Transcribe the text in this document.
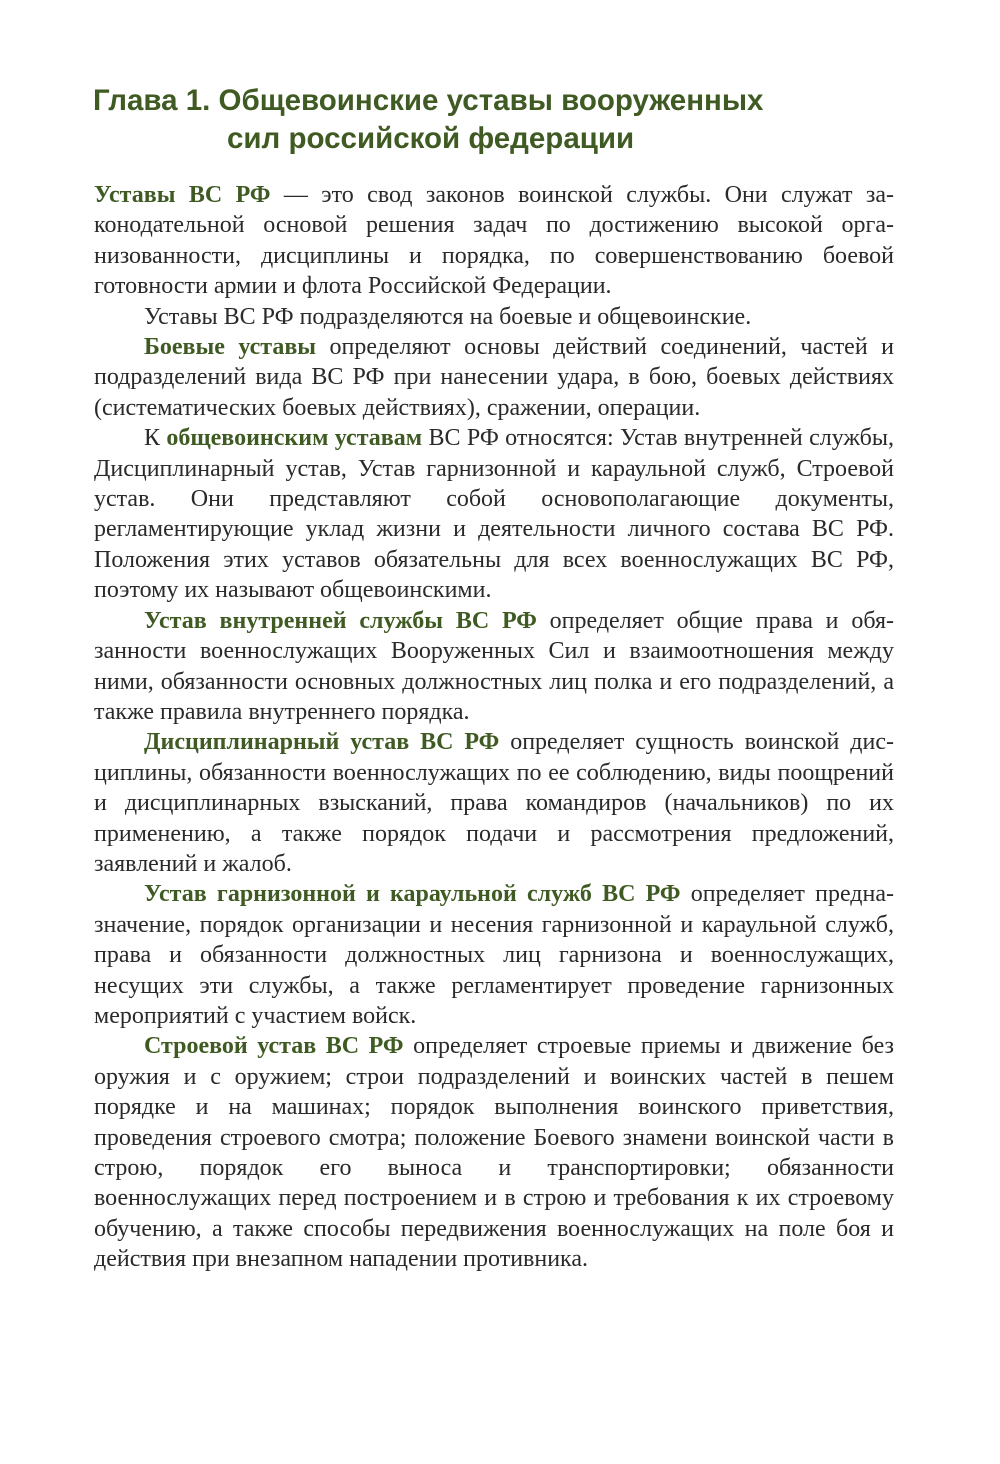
Глава 1. Общевоинские уставы вооруженных
сил российской федерации

Уставы ВС РФ — это свод законов воинской службы. Они служат законодательной основой решения задач по достижению высокой организованности, дисциплины и порядка, по совершенствованию боевой готовности армии и флота Российской Федерации.

Уставы ВС РФ подразделяются на боевые и общевоинские.

Боевые уставы определяют основы действий соединений, частей и подразделений вида ВС РФ при нанесении удара, в бою, боевых действиях (систематических боевых действиях), сражении, операции.

К общевоинским уставам ВС РФ относятся: Устав внутренней службы, Дисциплинарный устав, Устав гарнизонной и караульной служб, Строевой устав. Они представляют собой основополагающие документы, регламентирующие уклад жизни и деятельности личного состава ВС РФ. Положения этих уставов обязательны для всех военнослужащих ВС РФ, поэтому их называют общевоинскими.

Устав внутренней службы ВС РФ определяет общие права и обязанности военнослужащих Вооруженных Сил и взаимоотношения между ними, обязанности основных должностных лиц полка и его подразделений, а также правила внутреннего порядка.

Дисциплинарный устав ВС РФ определяет сущность воинской дисциплины, обязанности военнослужащих по ее соблюдению, виды поощрений и дисциплинарных взысканий, права командиров (начальников) по их применению, а также порядок подачи и рассмотрения предложений, заявлений и жалоб.

Устав гарнизонной и караульной служб ВС РФ определяет предназначение, порядок организации и несения гарнизонной и караульной служб, права и обязанности должностных лиц гарнизона и военнослужащих, несущих эти службы, а также регламентирует проведение гарнизонных мероприятий с участием войск.

Строевой устав ВС РФ определяет строевые приемы и движение без оружия и с оружием; строи подразделений и воинских частей в пешем порядке и на машинах; порядок выполнения воинского приветствия, проведения строевого смотра; положение Боевого знамени воинской части в строю, порядок его выноса и транспортировки; обязанности военнослужащих перед построением и в строю и требования к их строевому обучению, а также способы передвижения военнослужащих на поле боя и действия при внезапном нападении противника.
